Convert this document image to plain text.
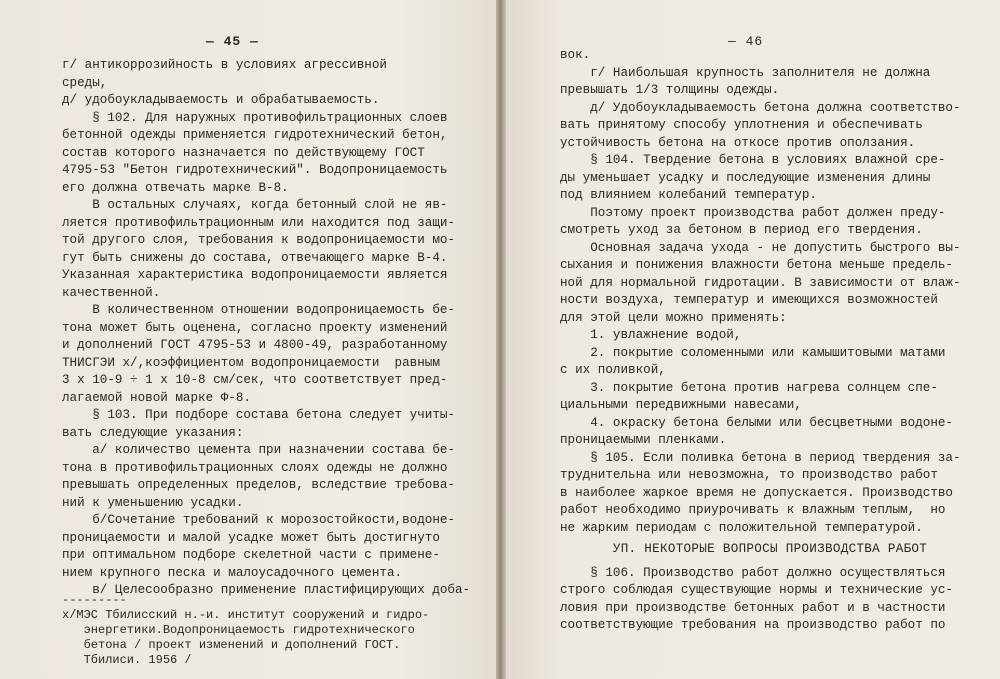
— 45 —
г/ антикоррозийность в условиях агрессивной
среды,
д/ удобоукладываемость и обрабатываемость.
§ 102. Для наружных противофильтрационных слоев
бетонной одежды применяется гидротехнический бетон,
состав которого назначается по действующему ГОСТ
4795-53 "Бетон гидротехнический". Водопроницаемость
его должна отвечать марке В-8.
В остальных случаях, когда бетонный слой не яв-
ляется противофильтрационным или находится под защи-
той другого слоя, требования к водопроницаемости мо-
гут быть снижены до состава, отвечающего марке В-4.
Указанная характеристика водопроницаемости является
качественной.
В количественном отношении водопроницаемость бе-
тона может быть оценена, согласно проекту изменений
и дополнений ГОСТ 4795-53 и 4800-49, разработанному
ТНИСГЭИ х/,коэффициентом водопроницаемости  равным
3 х 10-9 ÷ 1 х 10-8 см/сек, что соответствует пред-
лагаемой новой марке Ф-8.
§ 103. При подборе состава бетона следует учиты-
вать следующие указания:
а/ количество цемента при назначении состава бе-
тона в противофильтрационных слоях одежды не должно
превышать определенных пределов, вследствие требова-
ний к уменьшению усадки.
б/Сочетание требований к морозостойкости,водоне-
проницаемости и малой усадке может быть достигнуто
при оптимальном подборе скелетной части с примене-
нием крупного песка и малоусадочного цемента.
в/ Целесообразно применение пластифицирующих доба-
---------
х/МЭС Тбилисский н.-и. институт сооружений и гидро-
энергетики.Водопроницаемость гидротехнического
бетона / проект изменений и дополнений ГОСТ.
Тбилиси. 1956 /
— 46
вок.
г/ Наибольшая крупность заполнителя не должна
превышать 1/3 толщины одежды.
д/ Удобоукладываемость бетона должна соответство-
вать принятому способу уплотнения и обеспечивать
устойчивость бетона на откосе против оползания.
§ 104. Твердение бетона в условиях влажной сре-
ды уменьшает усадку и последующие изменения длины
под влиянием колебаний температур.
Поэтому проект производства работ должен преду-
смотреть уход за бетоном в период его твердения.
Основная задача ухода - не допустить быстрого вы-
сыхания и понижения влажности бетона меньше предель-
ной для нормальной гидротации. В зависимости от влаж-
ности воздуха, температур и имеющихся возможностей
для этой цели можно применять:
1. увлажнение водой,
2. покрытие соломенными или камышитовыми матами
с их поливкой,
3. покрытие бетона против нагрева солнцем спе-
циальными передвижными навесами,
4. окраску бетона белыми или бесцветными водоне-
проницаемыми пленками.
§ 105. Если поливка бетона в период твердения за-
труднительна или невозможна, то производство работ
в наиболее жаркое время не допускается. Производство
работ необходимо приурочивать к влажным теплым,  но
не жарким периодам с положительной температурой.
УП. НЕКОТОРЫЕ ВОПРОСЫ ПРОИЗВОДСТВА РАБОТ
§ 106. Производство работ должно осуществляться
строго соблюдая существующие нормы и технические ус-
ловия при производстве бетонных работ и в частности
соответствующие требования на производство работ по
